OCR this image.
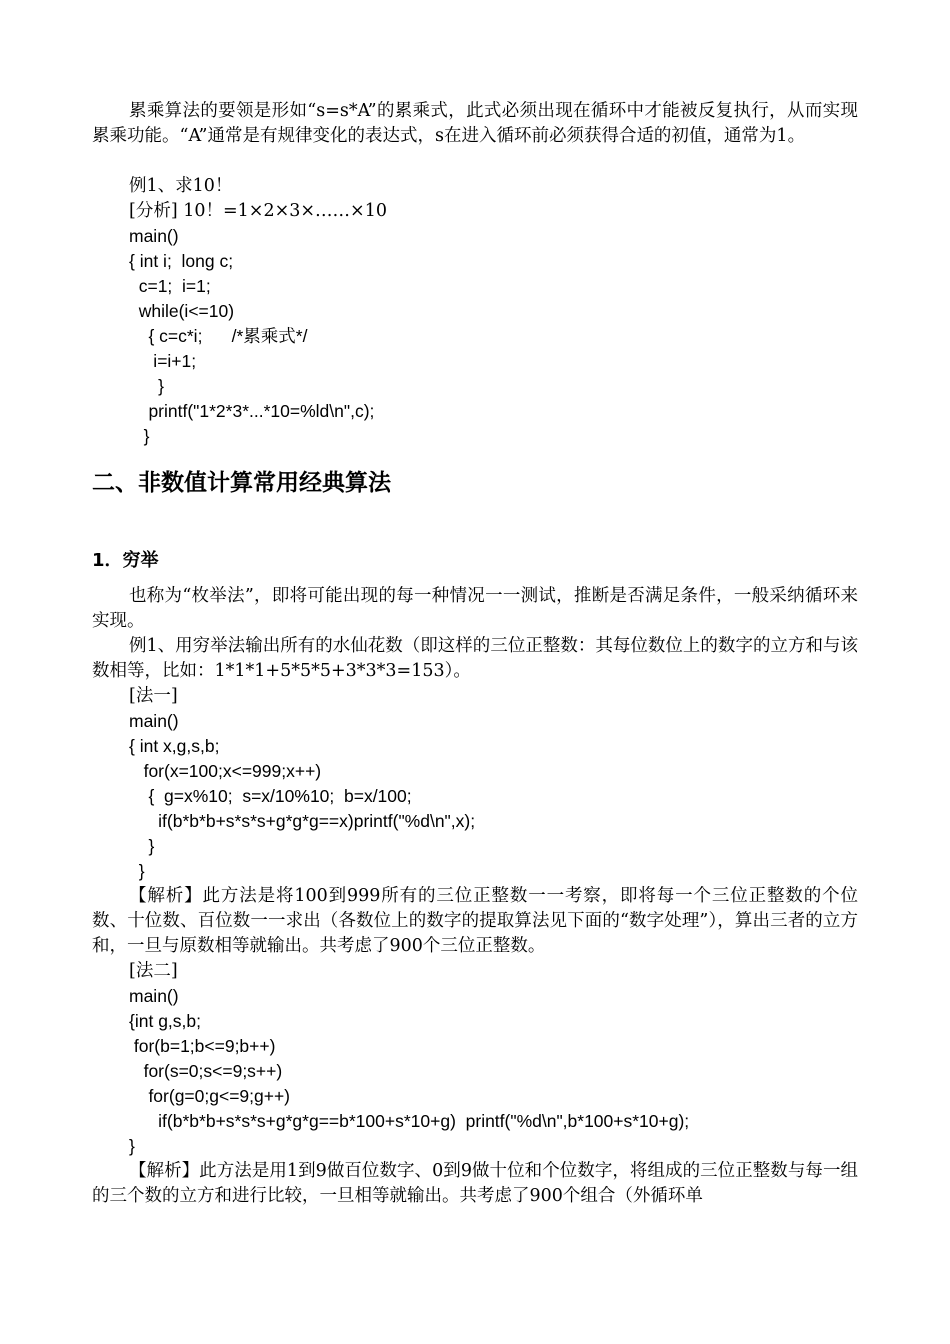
累乘算法的要领是形如“s=s*A”的累乘式，此式必须出现在循环中才能被反复执行，从而实现累乘功能。“A”通常是有规律变化的表达式，s在进入循环前必须获得合适的初值，通常为1。
例1、求10！
[分析] 10！=1×2×3×……×10
main()
{ int i;  long c;
c=1;  i=1;
while(i<=10)
{ c=c*i;      /*累乘式*/
i=i+1;
}
printf("1*2*3*...*10=%ld\n",c);
}
二、非数值计算常用经典算法
1．穷举
也称为“枚举法”，即将可能出现的每一种情况一一测试，推断是否满足条件，一般采纳循环来实现。
例1、用穷举法输出所有的水仙花数（即这样的三位正整数：其每位数位上的数字的立方和与该数相等，比如：1*1*1+5*5*5+3*3*3=153）。
[法一]
main()
{ int x,g,s,b;
for(x=100;x<=999;x++)
{  g=x%10;  s=x/10%10;  b=x/100;
if(b*b*b+s*s*s+g*g*g==x)printf("%d\n",x);
}
}
【解析】此方法是将100到999所有的三位正整数一一考察，即将每一个三位正整数的个位数、十位数、百位数一一求出（各数位上的数字的提取算法见下面的“数字处理”），算出三者的立方和，一旦与原数相等就输出。共考虑了900个三位正整数。
[法二]
main()
{int g,s,b;
for(b=1;b<=9;b++)
for(s=0;s<=9;s++)
for(g=0;g<=9;g++)
if(b*b*b+s*s*s+g*g*g==b*100+s*10+g)  printf("%d\n",b*100+s*10+g);
}
【解析】此方法是用1到9做百位数字、0到9做十位和个位数字，将组成的三位正整数与每一组的三个数的立方和进行比较，一旦相等就输出。共考虑了900个组合（外循环单
